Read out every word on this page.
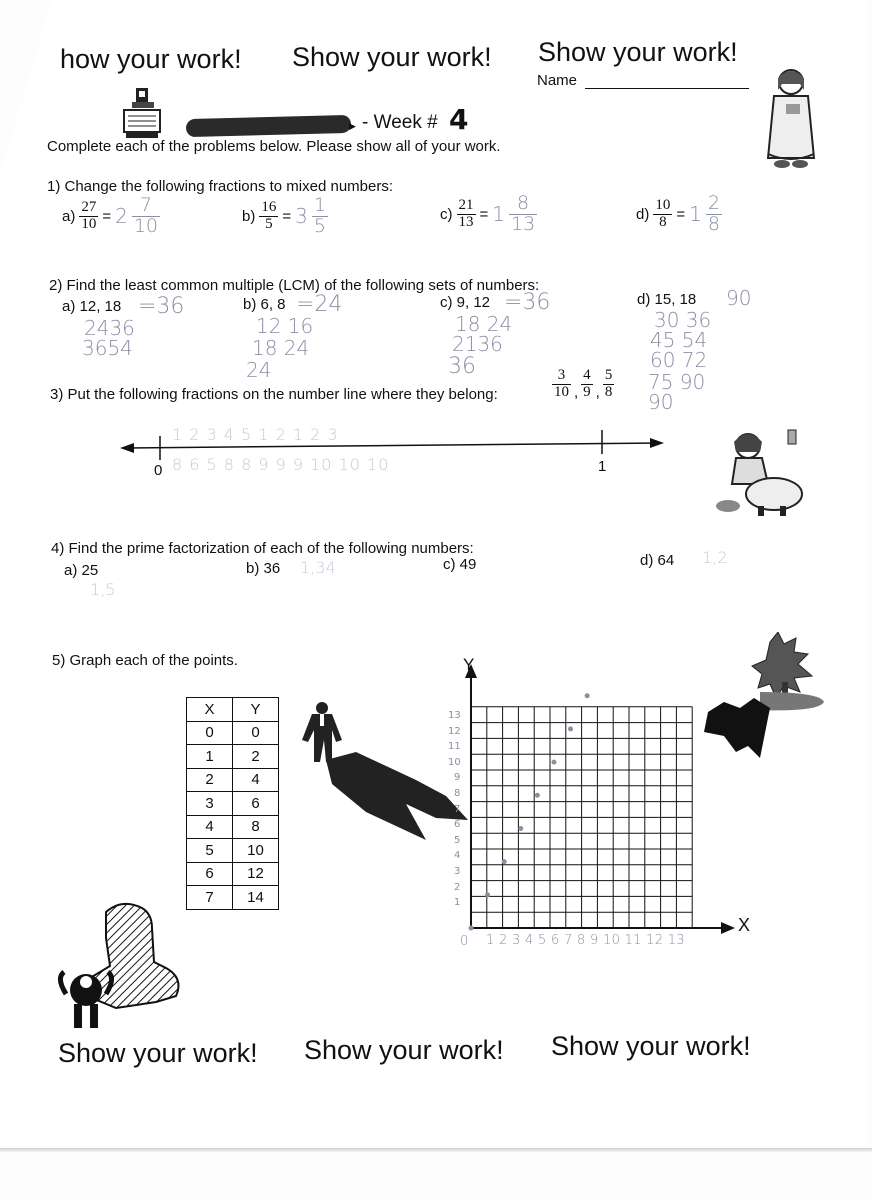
how your work! Show your work! Show your work!
Name
▶ - Week # 4
Complete each of the problems below. Please show all of your work.
1) Change the following fractions to mixed numbers:
$a) \frac{27}{10} = 2 \frac{7}{10}$	$b) \frac{16}{5} = 3 \frac{1}{5}$	$c) \frac{21}{13} = 1 \frac{8}{13}$	$d) \frac{10}{8} = 1 \frac{2}{8}$
2) Find the least common multiple (LCM) of the following sets of numbers:
a) 12, 18 =36
2436
3654
b) 6, 8 =24
12 16
18 24
24
c) 9, 12 =36
18 24
2136
36
d) 15, 18 90
30 36
45 54
60 72
75 90
90
3) Put the following fractions on the number line where they belong:	$\frac{3}{10}$ , $\frac{4}{9}$ , $\frac{5}{8}$
1 2 3 4 5 1 2 1 2 3
8 6 5 8 8 9 9 9 10 10 10
0	1
4) Find the prime factorization of each of the following numbers:
a) 25
1,5
b) 36 1,34	c) 49	d) 64 1,2
5) Graph each of the points.
X	Y
0	0
1	2
2	4
3	6
4	8
5	10
6	12
7	14
Y
X
0 1 2 3 4 5 6 7 8 9 10 11 12 13
13
12
11
10
9
8
7
6
5
4
3
2
1
Show your work! Show your work! Show your work!
